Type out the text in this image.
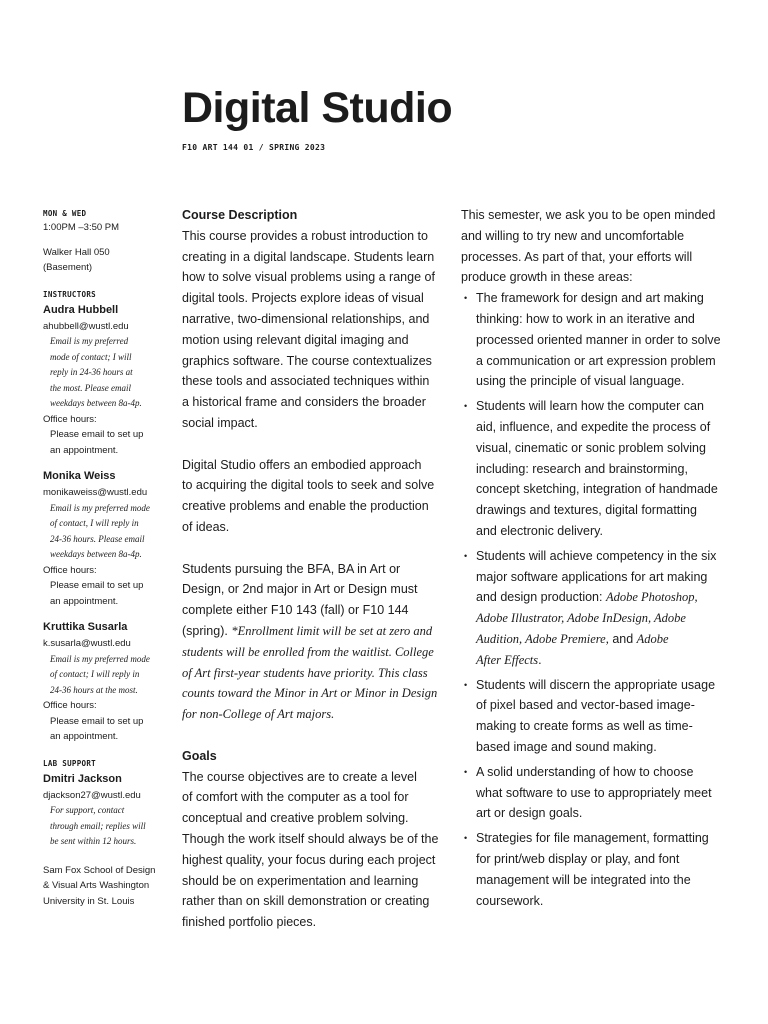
Digital Studio
F10 ART 144 01 / SPRING 2023
MON & WED
1:00PM –3:50 PM
Walker Hall 050
(Basement)
INSTRUCTORS
Audra Hubbell
ahubbell@wustl.edu
Email is my preferred
mode of contact; I will
reply in 24-36 hours at
the most. Please email
weekdays between 8a-4p.
Office hours:
Please email to set up
an appointment.
Monika Weiss
monikaweiss@wustl.edu
Email is my preferred mode
of contact, I will reply in
24-36 hours. Please email
weekdays between 8a-4p.
Office hours:
Please email to set up
an appointment.
Kruttika Susarla
k.susarla@wustl.edu
Email is my preferred mode
of contact; I will reply in
24-36 hours at the most.
Office hours:
Please email to set up
an appointment.
LAB SUPPORT
Dmitri Jackson
djackson27@wustl.edu
For support, contact
through email; replies will
be sent within 12 hours.
Sam Fox School of Design
& Visual Arts Washington
University in St. Louis
Course Description
This course provides a robust introduction to
creating in a digital landscape. Students learn
how to solve visual problems using a range of
digital tools. Projects explore ideas of visual
narrative, two-dimensional relationships, and
motion using relevant digital imaging and
graphics software. The course contextualizes
these tools and associated techniques within
a historical frame and considers the broader
social impact.
Digital Studio offers an embodied approach
to acquiring the digital tools to seek and solve
creative problems and enable the production
of ideas.
Students pursuing the BFA, BA in Art or
Design, or 2nd major in Art or Design must
complete either F10 143 (fall) or F10 144
(spring). *Enrollment limit will be set at zero and
students will be enrolled from the waitlist. College
of Art first-year students have priority. This class
counts toward the Minor in Art or Minor in Design
for non-College of Art majors.
Goals
The course objectives are to create a level
of comfort with the computer as a tool for
conceptual and creative problem solving.
Though the work itself should always be of the
highest quality, your focus during each project
should be on experimentation and learning
rather than on skill demonstration or creating
finished portfolio pieces.
This semester, we ask you to be open minded
and willing to try new and uncomfortable
processes. As part of that, your efforts will
produce growth in these areas:
• The framework for design and art making
thinking: how to work in an iterative and
processed oriented manner in order to solve
a communication or art expression problem
using the principle of visual language.
• Students will learn how the computer can
aid, influence, and expedite the process of
visual, cinematic or sonic problem solving
including: research and brainstorming,
concept sketching, integration of handmade
drawings and textures, digital formatting
and electronic delivery.
• Students will achieve competency in the six
major software applications for art making
and design production: Adobe Photoshop,
Adobe Illustrator, Adobe InDesign, Adobe
Audition, Adobe Premiere, and Adobe
After Effects.
• Students will discern the appropriate usage
of pixel based and vector-based image-
making to create forms as well as time-
based image and sound making.
• A solid understanding of how to choose
what software to use to appropriately meet
art or design goals.
• Strategies for file management, formatting
for print/web display or play, and font
management will be integrated into the
coursework.
